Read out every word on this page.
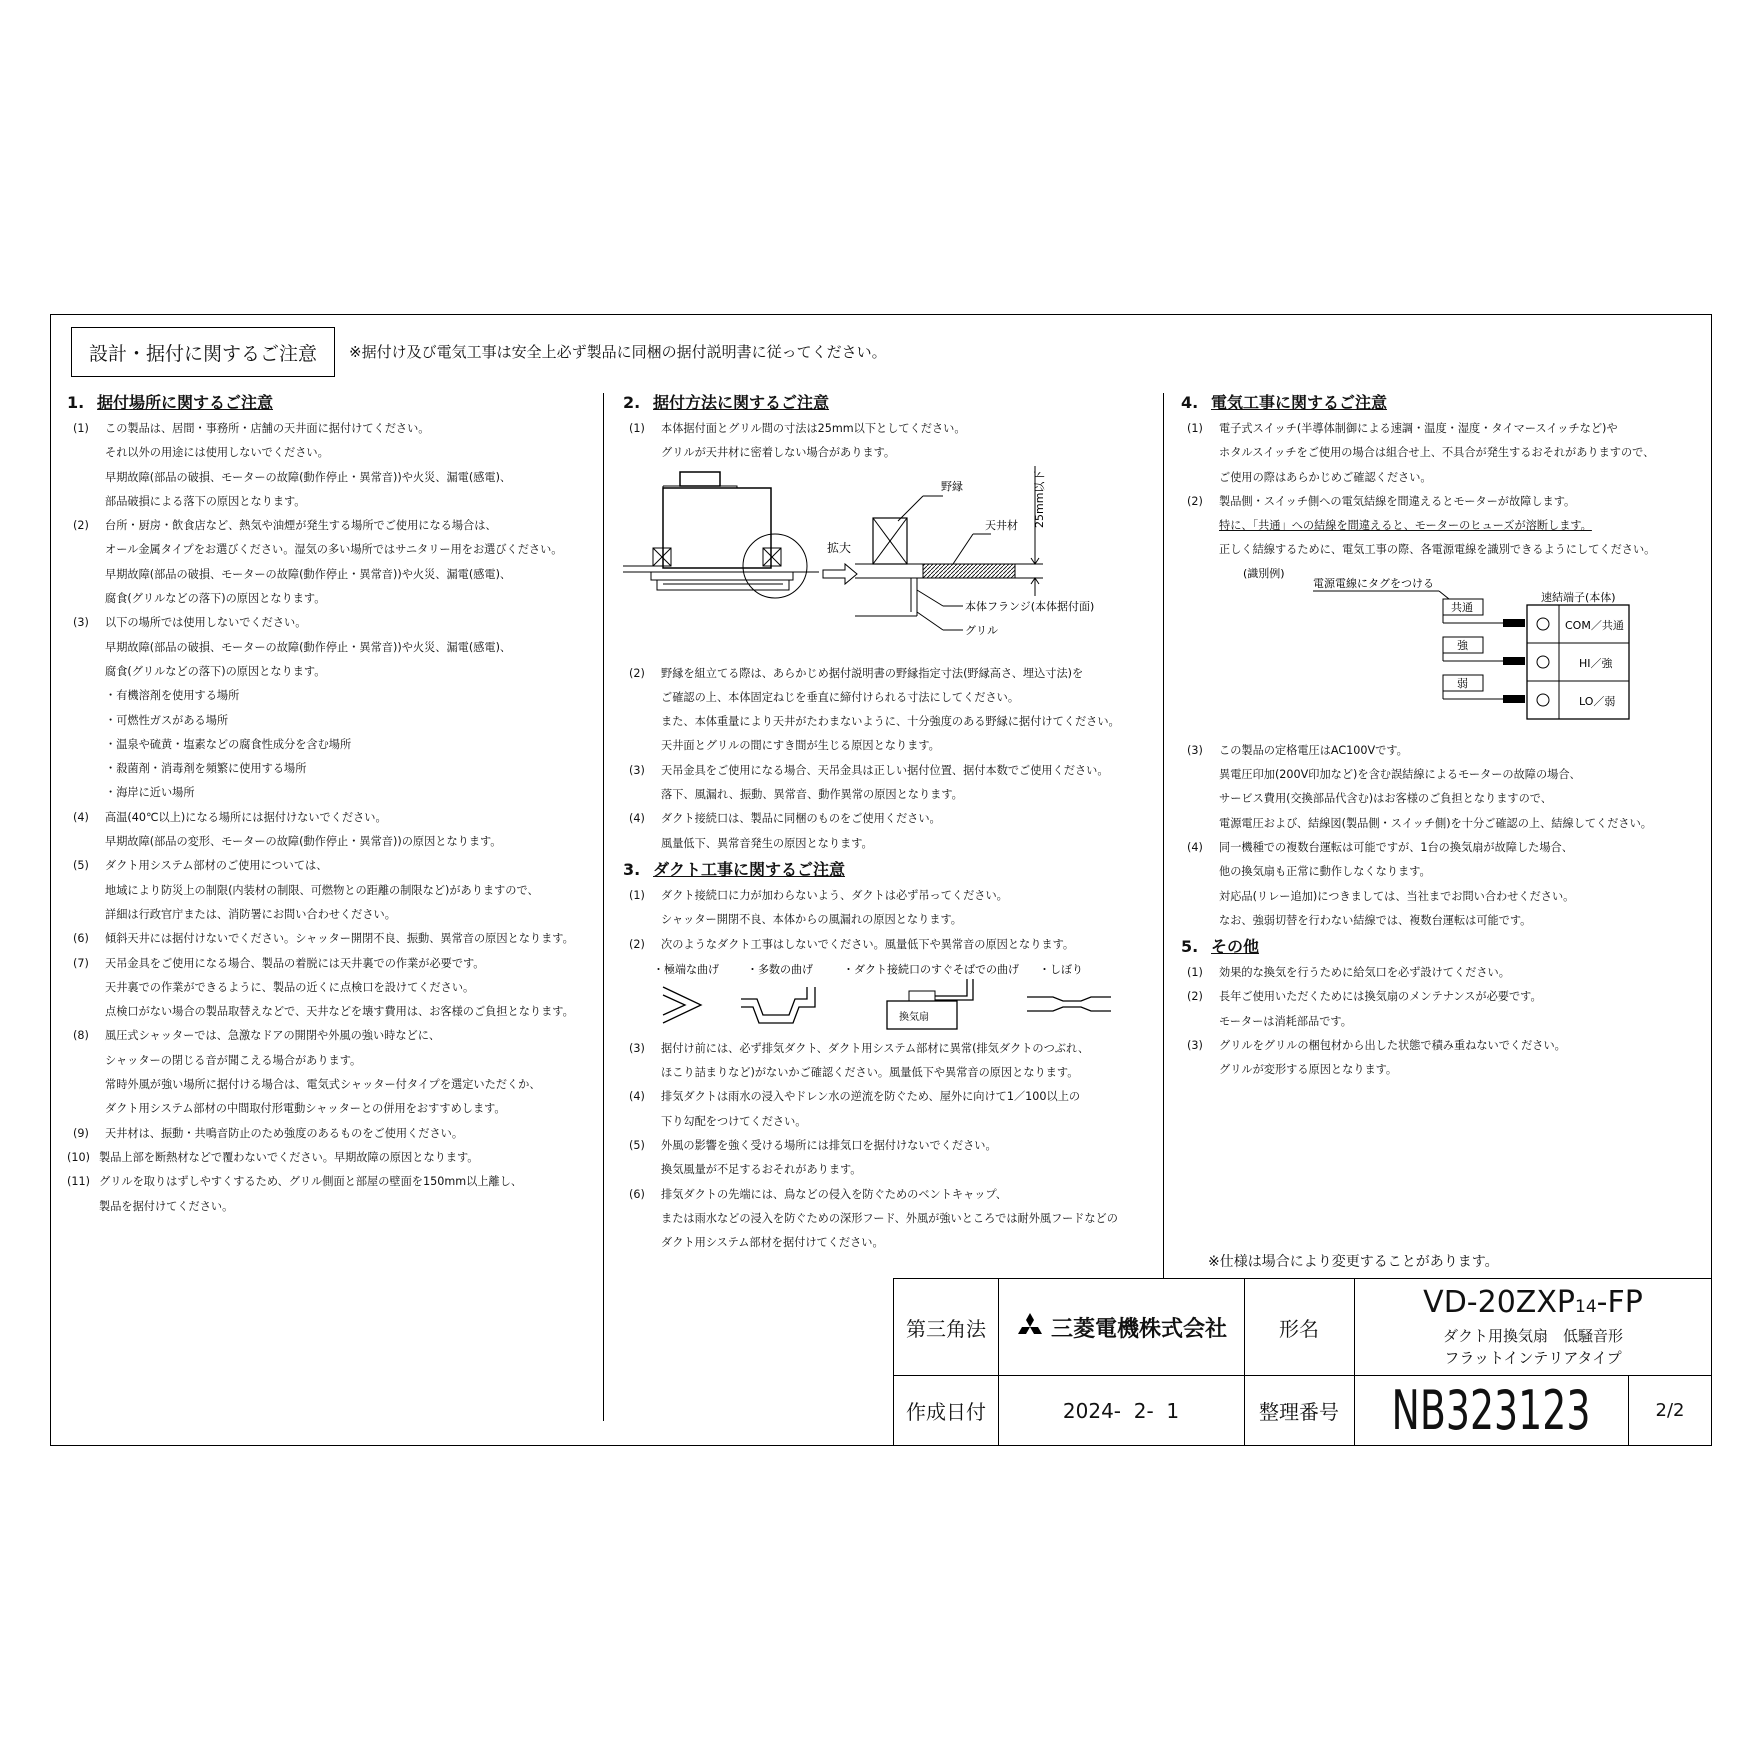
設計・据付に関するご注意	※据付け及び電気工事は安全上必ず製品に同梱の据付説明書に従ってください。
1. 据付場所に関するご注意
(1)	この製品は、居間・事務所・店舗の天井面に据付けてください。
それ以外の用途には使用しないでください。
早期故障(部品の破損、モーターの故障(動作停止・異常音))や火災、漏電(感電)、
部品破損による落下の原因となります。
(2)	台所・厨房・飲食店など、熱気や油煙が発生する場所でご使用になる場合は、
オール金属タイプをお選びください。湿気の多い場所ではサニタリー用をお選びください。
早期故障(部品の破損、モーターの故障(動作停止・異常音))や火災、漏電(感電)、
腐食(グリルなどの落下)の原因となります。
(3)	以下の場所では使用しないでください。
早期故障(部品の破損、モーターの故障(動作停止・異常音))や火災、漏電(感電)、
腐食(グリルなどの落下)の原因となります。
・有機溶剤を使用する場所
・可燃性ガスがある場所
・温泉や硫黄・塩素などの腐食性成分を含む場所
・殺菌剤・消毒剤を頻繁に使用する場所
・海岸に近い場所
(4)	高温(40℃以上)になる場所には据付けないでください。
早期故障(部品の変形、モーターの故障(動作停止・異常音))の原因となります。
(5)	ダクト用システム部材のご使用については、
地域により防災上の制限(内装材の制限、可燃物との距離の制限など)がありますので、
詳細は行政官庁または、消防署にお問い合わせください。
(6)	傾斜天井には据付けないでください。シャッター開閉不良、振動、異常音の原因となります。
(7)	天吊金具をご使用になる場合、製品の着脱には天井裏での作業が必要です。
天井裏での作業ができるように、製品の近くに点検口を設けてください。
点検口がない場合の製品取替えなどで、天井などを壊す費用は、お客様のご負担となります。
(8)	風圧式シャッターでは、急激なドアの開閉や外風の強い時などに、
シャッターの閉じる音が聞こえる場合があります。
常時外風が強い場所に据付ける場合は、電気式シャッター付タイプを選定いただくか、
ダクト用システム部材の中間取付形電動シャッターとの併用をおすすめします。
(9)	天井材は、振動・共鳴音防止のため強度のあるものをご使用ください。
(10) 製品上部を断熱材などで覆わないでください。早期故障の原因となります。
(11) グリルを取りはずしやすくするため、グリル側面と部屋の壁面を150mm以上離し、
製品を据付けてください。
2. 据付方法に関するご注意
(1)	本体据付面とグリル間の寸法は25mm以下としてください。
グリルが天井材に密着しない場合があります。
拡大
野縁
天井材
本体フランジ(本体据付面)
グリル
25mm以下
(2)	野縁を組立てる際は、あらかじめ据付説明書の野縁指定寸法(野縁高さ、埋込寸法)を
ご確認の上、本体固定ねじを垂直に締付けられる寸法にしてください。
また、本体重量により天井がたわまないように、十分強度のある野縁に据付けてください。
天井面とグリルの間にすき間が生じる原因となります。
(3)	天吊金具をご使用になる場合、天吊金具は正しい据付位置、据付本数でご使用ください。
落下、風漏れ、振動、異常音、動作異常の原因となります。
(4)	ダクト接続口は、製品に同梱のものをご使用ください。
風量低下、異常音発生の原因となります。
3. ダクト工事に関するご注意
(1)	ダクト接続口に力が加わらないよう、ダクトは必ず吊ってください。
シャッター開閉不良、本体からの風漏れの原因となります。
(2)	次のようなダクト工事はしないでください。風量低下や異常音の原因となります。
・極端な曲げ	・多数の曲げ	・ダクト接続口のすぐそばでの曲げ ・しぼり
換気扇
(3)	据付け前には、必ず排気ダクト、ダクト用システム部材に異常(排気ダクトのつぶれ、
ほこり詰まりなど)がないかご確認ください。風量低下や異常音の原因となります。
(4)	排気ダクトは雨水の浸入やドレン水の逆流を防ぐため、屋外に向けて1／100以上の
下り勾配をつけてください。
(5)	外風の影響を強く受ける場所には排気口を据付けないでください。
換気風量が不足するおそれがあります。
(6)	排気ダクトの先端には、鳥などの侵入を防ぐためのベントキャップ、
または雨水などの浸入を防ぐための深形フード、外風が強いところでは耐外風フードなどの
ダクト用システム部材を据付けてください。
4. 電気工事に関するご注意
(1)	電子式スイッチ(半導体制御による速調・温度・湿度・タイマースイッチなど)や
ホタルスイッチをご使用の場合は組合せ上、不具合が発生するおそれがありますので、
ご使用の際はあらかじめご確認ください。
(2)	製品側・スイッチ側への電気結線を間違えるとモーターが故障します。
特に、「共通」への結線を間違えると、モーターのヒューズが溶断します。
正しく結線するために、電気工事の際、各電源電線を識別できるようにしてください。
(識別例)
電源電線にタグをつける
速結端子(本体)
共通
COM／共通
強
HI／強
弱
LO／弱
(3)	この製品の定格電圧はAC100Vです。
異電圧印加(200V印加など)を含む誤結線によるモーターの故障の場合、
サービス費用(交換部品代含む)はお客様のご負担となりますので、
電源電圧および、結線図(製品側・スイッチ側)を十分ご確認の上、結線してください。
(4)	同一機種での複数台運転は可能ですが、1台の換気扇が故障した場合、
他の換気扇も正常に動作しなくなります。
対応品(リレー追加)につきましては、当社までお問い合わせください。
なお、強弱切替を行わない結線では、複数台運転は可能です。
5. その他
(1)	効果的な換気を行うために給気口を必ず設けてください。
(2)	長年ご使用いただくためには換気扇のメンテナンスが必要です。
モーターは消耗部品です。
(3)	グリルをグリルの梱包材から出した状態で積み重ねないでください。
グリルが変形する原因となります。
※仕様は場合により変更することがあります。
第三角法	三菱電機株式会社	形名
VD-20ZXP14-FP
ダクト用換気扇　低騒音形
フラットインテリアタイプ
作成日付	2024-  2-  1	整理番号 NB323123	2/2
